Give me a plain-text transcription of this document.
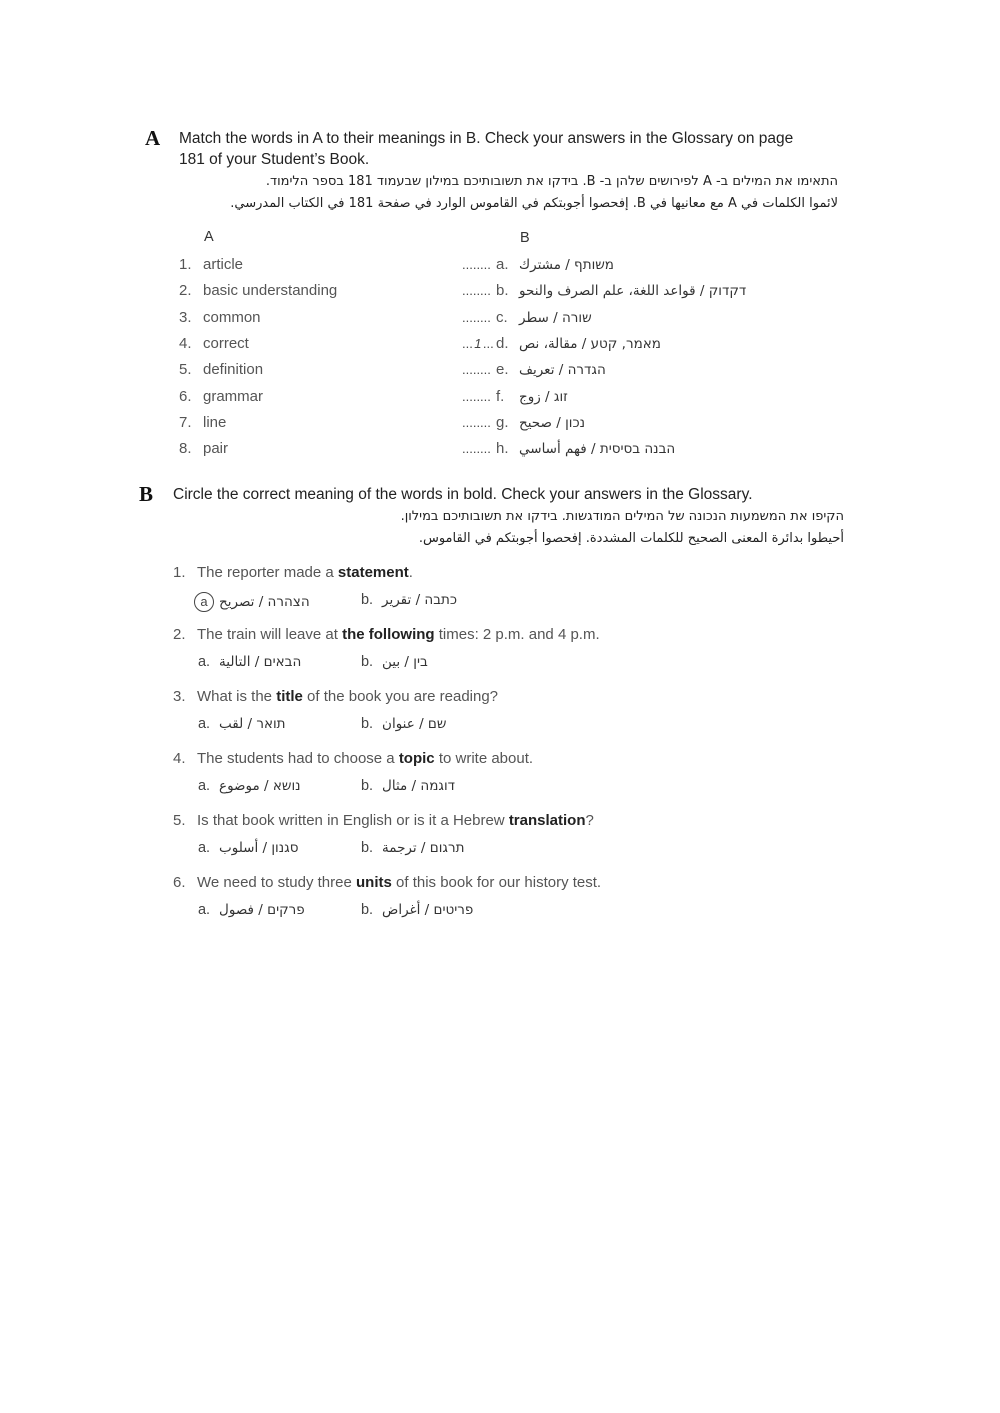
A Match the words in A to their meanings in B. Check your answers in the Glossary on page
181 of your Student’s Book.
התאימו את המילים ב- A לפירושים שלהן ב- B. בידקו את תשובותיכם במילון שבעמוד 181 בספר הלימוד.
لائموا الكلمات في A مع معانيها في B. إفحصوا أجوبتكم في القاموس الوارد في صفحة 181 في الكتاب المدرسي.
A	B
1. article	........ a. משותף / مشترك
2. basic understanding	........ b. דקדוק / قواعد اللغة، علم الصرف والنحو
3. common	........ c. שורה / سطر
4. correct	...1... d. מאמר, קטע / مقالة، نص
5. definition	........ e. הגדרה / تعريف
6. grammar	........ f. זוג / زوج
7. line	........ g. נכון / صحيح
8. pair	........ h. הבנה בסיסית / فهم أساسي
B Circle the correct meaning of the words in bold. Check your answers in the Glossary.
הקיפו את המשמעות הנכונה של המילים המודגשות. בידקו את תשובותיכם במילון.
أحيطوا بدائرة المعنى الصحيح للكلمات المشددة. إفحصوا أجوبتكم في القاموس.
1. The reporter made a statement.
a הצהרה / تصريح	b. כתבה / تقرير
2. The train will leave at the following times: 2 p.m. and 4 p.m.
a. הבאים / التالية	b. בין / بين
3. What is the title of the book you are reading?
a. תואר / لقب	b. שם / عنوان
4. The students had to choose a topic to write about.
a. נושא / موضوع	b. דוגמה / مثال
5. Is that book written in English or is it a Hebrew translation?
a. סגנון / أسلوب	b. תרגום / ترجمة
6. We need to study three units of this book for our history test.
a. פרקים / فصول	b. פריטים / أغراض
